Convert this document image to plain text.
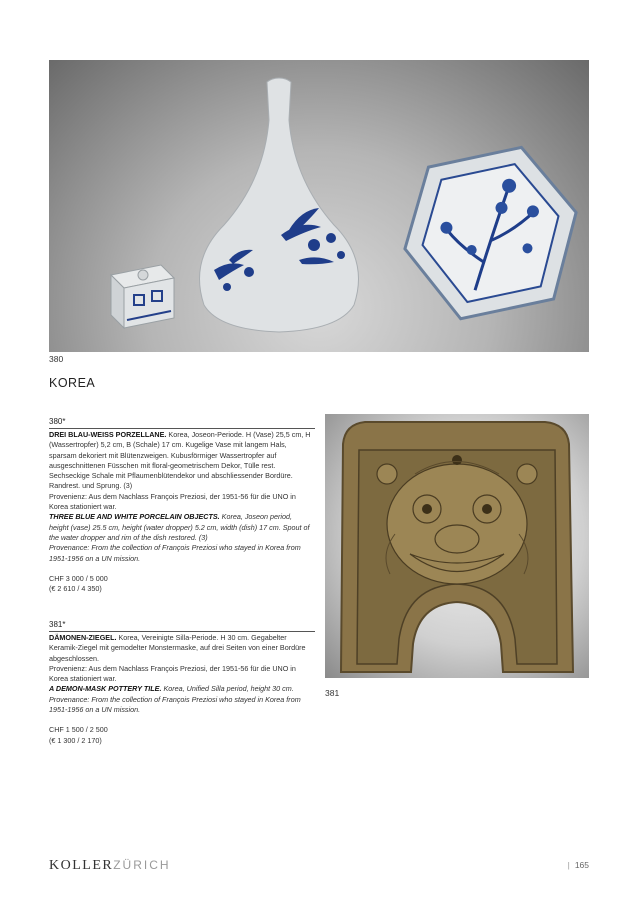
380
KOREA
380*

DREI BLAU-WEISS PORZELLANE. Korea, Joseon-Periode. H (Vase) 25,5 cm, H (Wassertropfer) 5,2 cm, B (Schale) 17 cm. Kugelige Vase mit langem Hals, sparsam dekoriert mit Blütenzweigen. Kubusförmiger Wassertropfer auf ausgeschnittenen Füsschen mit floral-geometrischem Dekor, Tülle rest. Sechseckige Schale mit Pflaumenblütendekor und abschliessender Bordüre. Randrest. und Sprung. (3)

Provenienz: Aus dem Nachlass François Preziosi, der 1951-56 für die UNO in Korea stationiert war.

THREE BLUE AND WHITE PORCELAIN OBJECTS. Korea, Joseon period, height (vase) 25.5 cm, height (water dropper) 5.2 cm, width (dish) 17 cm. Spout of the water dropper and rim of the dish restored. (3)

Provenance: From the collection of François Preziosi who stayed in Korea from 1951-1956 on a UN mission.

CHF 3 000 / 5 000

(€ 2 610 / 4 350)

381*

DÄMONEN-ZIEGEL. Korea, Vereinigte Silla-Periode. H 30 cm. Gegabelter Keramik-Ziegel mit gemodelter Monstermaske, auf drei Seiten von einer Bordüre abgeschlossen.

Provenienz: Aus dem Nachlass François Preziosi, der 1951-56 für die UNO in Korea stationiert war.

A DEMON-MASK POTTERY TILE. Korea, Unified Silla period, height 30 cm.

Provenance: From the collection of François Preziosi who stayed in Korea from 1951-1956 on a UN mission.

CHF 1 500 / 2 500

(€ 1 300 / 2 170)

381
KOLLERZÜRICH	| 165
